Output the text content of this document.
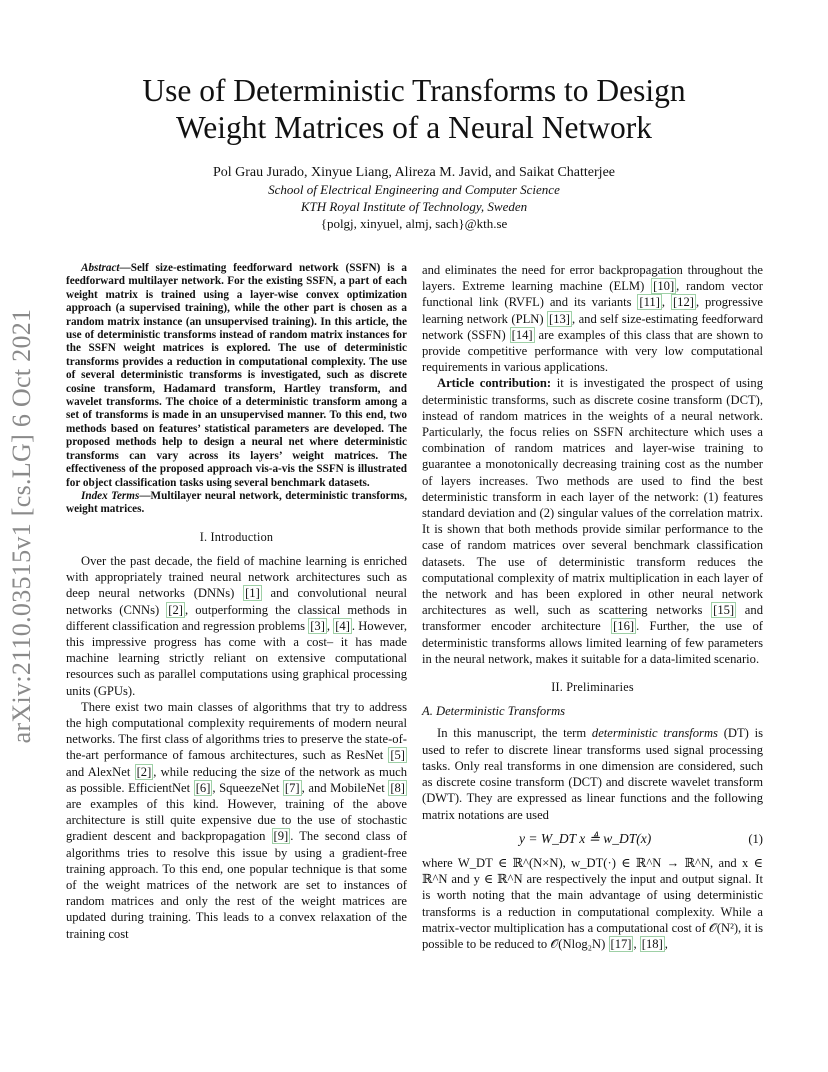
arXiv:2110.03515v1 [cs.LG] 6 Oct 2021
Use of Deterministic Transforms to Design
Weight Matrices of a Neural Network
Pol Grau Jurado, Xinyue Liang, Alireza M. Javid, and Saikat Chatterjee
School of Electrical Engineering and Computer Science
KTH Royal Institute of Technology, Sweden
{polgj, xinyuel, almj, sach}@kth.se

Abstract—Self size-estimating feedforward network (SSFN) is a feedforward multilayer network. For the existing SSFN, a part of each weight matrix is trained using a layer-wise convex optimization approach (a supervised training), while the other part is chosen as a random matrix instance (an unsupervised training). In this article, the use of deterministic transforms instead of random matrix instances for the SSFN weight matrices is explored. The use of deterministic transforms provides a reduction in computational complexity. The use of several deterministic transforms is investigated, such as discrete cosine transform, Hadamard transform, Hartley transform, and wavelet transforms. The choice of a deterministic transform among a set of transforms is made in an unsupervised manner. To this end, two methods based on features’ statistical parameters are developed. The proposed methods help to design a neural net where deterministic transforms can vary across its layers’ weight matrices. The effectiveness of the proposed approach vis-a-vis the SSFN is illustrated for object classification tasks using several benchmark datasets.

Index Terms—Multilayer neural network, deterministic transforms, weight matrices.

I. Introduction

Over the past decade, the field of machine learning is enriched with appropriately trained neural network architectures such as deep neural networks (DNNs) [1] and convolutional neural networks (CNNs) [2] , outperforming the classical methods in different classification and regression problems [3] , [4] . However, this impressive progress has come with a cost– it has made machine learning strictly reliant on extensive computational resources such as parallel computations using graphical processing units (GPUs).

There exist two main classes of algorithms that try to address the high computational complexity requirements of modern neural networks. The first class of algorithms tries to preserve the state-of-the-art performance of famous architectures, such as ResNet [5] and AlexNet [2] , while reducing the size of the network as much as possible. EfficientNet [6] , SqueezeNet [7] , and MobileNet [8] are examples of this kind. However, training of the above architecture is still quite expensive due to the use of stochastic gradient descent and backpropagation [9] . The second class of algorithms tries to resolve this issue by using a gradient-free training approach. To this end, one popular technique is that some of the weight matrices of the network are set to instances of random matrices and only the rest of the weight matrices are updated during training. This leads to a convex relaxation of the training cost

and eliminates the need for error backpropagation throughout the layers. Extreme learning machine (ELM) [10] , random vector functional link (RVFL) and its variants [11] , [12] , progressive learning network (PLN) [13] , and self size-estimating feedforward network (SSFN) [14] are examples of this class that are shown to provide competitive performance with very low computational requirements in various applications.

Article contribution: it is investigated the prospect of using deterministic transforms, such as discrete cosine transform (DCT), instead of random matrices in the weights of a neural network. Particularly, the focus relies on SSFN architecture which uses a combination of random matrices and layer-wise training to guarantee a monotonically decreasing training cost as the number of layers increases. Two methods are used to find the best deterministic transform in each layer of the network: (1) features standard deviation and (2) singular values of the correlation matrix. It is shown that both methods provide similar performance to the case of random matrices over several benchmark classification datasets. The use of deterministic transform reduces the computational complexity of matrix multiplication in each layer of the network and has been explored in other neural network architectures as well, such as scattering networks [15] and transformer encoder architecture [16] . Further, the use of deterministic transforms allows limited learning of few parameters in the neural network, makes it suitable for a data-limited scenario.

II. Preliminaries
A. Deterministic Transforms

In this manuscript, the term deterministic transforms (DT) is used to refer to discrete linear transforms used signal processing tasks. Only real transforms in one dimension are considered, such as discrete cosine transform (DCT) and discrete wavelet transform (DWT). They are expressed as linear functions and the following matrix notations are used

y = W_DT x ≜ w_DT(x)	(1)

where W_DT ∈ ℝ^(N×N), w_DT(·) ∈ ℝ^N → ℝ^N, and x ∈ ℝ^N and y ∈ ℝ^N are respectively the input and output signal. It is worth noting that the main advantage of using deterministic transforms is a reduction in computational complexity. While a matrix-vector multiplication has a computational cost of 𝒪(N²), it is possible to be reduced to 𝒪(Nlog₂N) [17] , [18] ,
